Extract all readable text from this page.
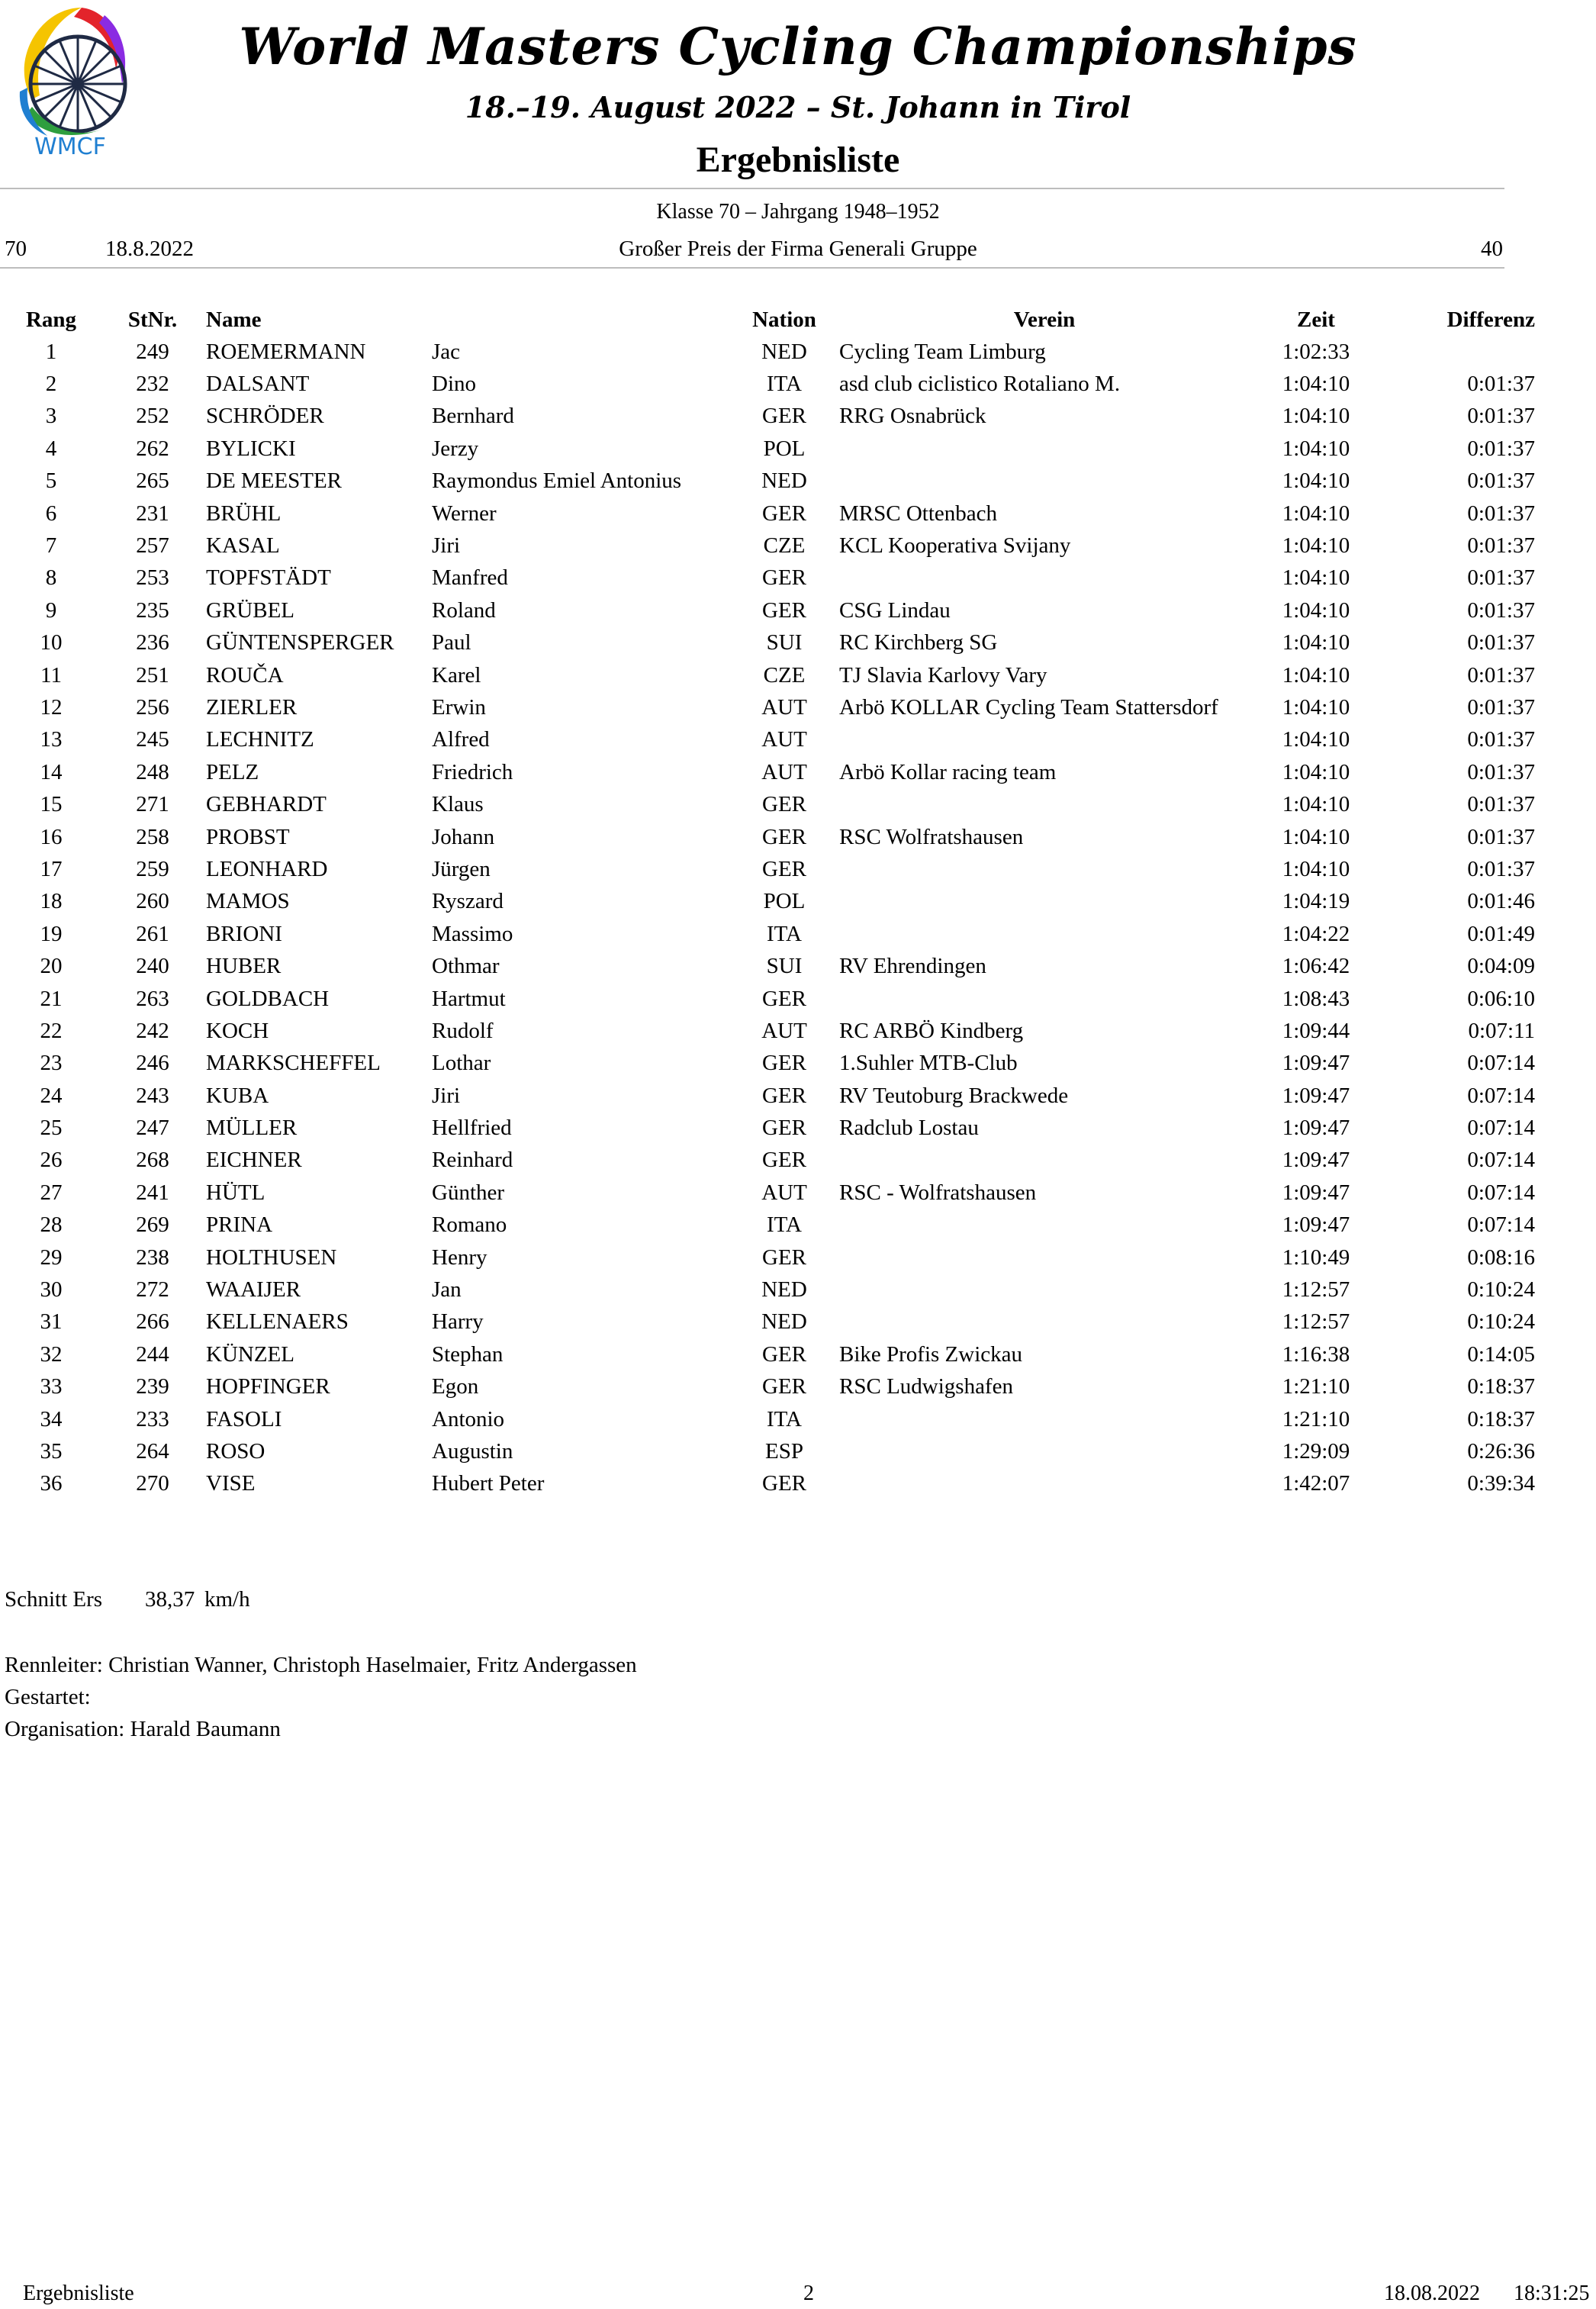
WMCF
World Masters Cycling Championships
18.–19. August 2022 – St. Johann in Tirol
Ergebnisliste
Klasse 70 – Jahrgang 1948–1952
70	18.8.2022	Großer Preis der Firma Generali Gruppe	40
Rang	StNr.	Name		Nation	Verein	Zeit	Differenz
1	249	ROEMERMANN	Jac	NED	Cycling Team Limburg	1:02:33	
2	232	DALSANT	Dino	ITA	asd club ciclistico Rotaliano M.	1:04:10	0:01:37
3	252	SCHRÖDER	Bernhard	GER	RRG Osnabrück	1:04:10	0:01:37
4	262	BYLICKI	Jerzy	POL		1:04:10	0:01:37
5	265	DE MEESTER	Raymondus Emiel Antonius	NED		1:04:10	0:01:37
6	231	BRÜHL	Werner	GER	MRSC Ottenbach	1:04:10	0:01:37
7	257	KASAL	Jiri	CZE	KCL Kooperativa Svijany	1:04:10	0:01:37
8	253	TOPFSTÄDT	Manfred	GER		1:04:10	0:01:37
9	235	GRÜBEL	Roland	GER	CSG Lindau	1:04:10	0:01:37
10	236	GÜNTENSPERGER	Paul	SUI	RC Kirchberg SG	1:04:10	0:01:37
11	251	ROUČA	Karel	CZE	TJ Slavia Karlovy Vary	1:04:10	0:01:37
12	256	ZIERLER	Erwin	AUT	Arbö KOLLAR Cycling Team Stattersdorf	1:04:10	0:01:37
13	245	LECHNITZ	Alfred	AUT		1:04:10	0:01:37
14	248	PELZ	Friedrich	AUT	Arbö Kollar racing team	1:04:10	0:01:37
15	271	GEBHARDT	Klaus	GER		1:04:10	0:01:37
16	258	PROBST	Johann	GER	RSC Wolfratshausen	1:04:10	0:01:37
17	259	LEONHARD	Jürgen	GER		1:04:10	0:01:37
18	260	MAMOS	Ryszard	POL		1:04:19	0:01:46
19	261	BRIONI	Massimo	ITA		1:04:22	0:01:49
20	240	HUBER	Othmar	SUI	RV Ehrendingen	1:06:42	0:04:09
21	263	GOLDBACH	Hartmut	GER		1:08:43	0:06:10
22	242	KOCH	Rudolf	AUT	RC ARBÖ Kindberg	1:09:44	0:07:11
23	246	MARKSCHEFFEL	Lothar	GER	1.Suhler MTB-Club	1:09:47	0:07:14
24	243	KUBA	Jiri	GER	RV Teutoburg Brackwede	1:09:47	0:07:14
25	247	MÜLLER	Hellfried	GER	Radclub Lostau	1:09:47	0:07:14
26	268	EICHNER	Reinhard	GER		1:09:47	0:07:14
27	241	HÜTL	Günther	AUT	RSC - Wolfratshausen	1:09:47	0:07:14
28	269	PRINA	Romano	ITA		1:09:47	0:07:14
29	238	HOLTHUSEN	Henry	GER		1:10:49	0:08:16
30	272	WAAIJER	Jan	NED		1:12:57	0:10:24
31	266	KELLENAERS	Harry	NED		1:12:57	0:10:24
32	244	KÜNZEL	Stephan	GER	Bike Profis Zwickau	1:16:38	0:14:05
33	239	HOPFINGER	Egon	GER	RSC Ludwigshafen	1:21:10	0:18:37
34	233	FASOLI	Antonio	ITA		1:21:10	0:18:37
35	264	ROSO	Augustin	ESP		1:29:09	0:26:36
36	270	VISE	Hubert Peter	GER		1:42:07	0:39:34
Schnitt Ers 38,37 km/h
Rennleiter: Christian Wanner, Christoph Haselmaier, Fritz Andergassen
Gestartet:
Organisation: Harald Baumann
Ergebnisliste	2	18.08.2022 18:31:25
